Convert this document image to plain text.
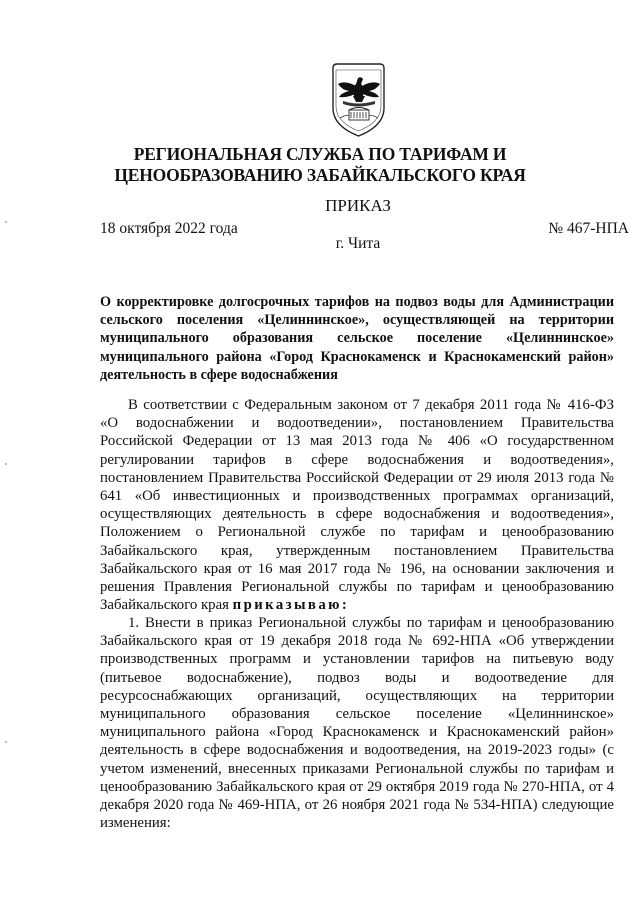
РЕГИОНАЛЬНАЯ СЛУЖБА ПО ТАРИФАМ И
ЦЕНООБРАЗОВАНИЮ ЗАБАЙКАЛЬСКОГО КРАЯ
ПРИКАЗ
18 октября 2022 года	№ 467-НПА
г. Чита
О корректировке долгосрочных тарифов на подвоз воды для Администрации сельского поселения «Целиннинское», осуществляющей на территории муниципального образования сельское поселение «Целиннинское» муниципального района «Город Краснокаменск и Краснокаменский район» деятельность в сфере водоснабжения
В соответствии с Федеральным законом от 7 декабря 2011 года № 416-ФЗ «О водоснабжении и водоотведении», постановлением Правительства Российской Федерации от 13 мая 2013 года № 406 «О государственном регулировании тарифов в сфере водоснабжения и водоотведения», постановлением Правительства Российской Федерации от 29 июля 2013 года № 641 «Об инвестиционных и производственных программах организаций, осуществляющих деятельность в сфере водоснабжения и водоотведения», Положением о Региональной службе по тарифам и ценообразованию Забайкальского края, утвержденным постановлением Правительства Забайкальского края от 16 мая 2017 года № 196, на основании заключения и решения Правления Региональной службы по тарифам и ценообразованию Забайкальского края приказываю:
1. Внести в приказ Региональной службы по тарифам и ценообразованию Забайкальского края от 19 декабря 2018 года № 692-НПА «Об утверждении производственных программ и установлении тарифов на питьевую воду (питьевое водоснабжение), подвоз воды и водоотведение для ресурсоснабжающих организаций, осуществляющих на территории муниципального образования сельское поселение «Целиннинское» муниципального района «Город Краснокаменск и Краснокаменский район» деятельность в сфере водоснабжения и водоотведения, на 2019-2023 годы» (с учетом изменений, внесенных приказами Региональной службы по тарифам и ценообразованию Забайкальского края от 29 октября 2019 года № 270-НПА, от 4 декабря 2020 года № 469-НПА, от 26 ноября 2021 года № 534-НПА) следующие изменения:
